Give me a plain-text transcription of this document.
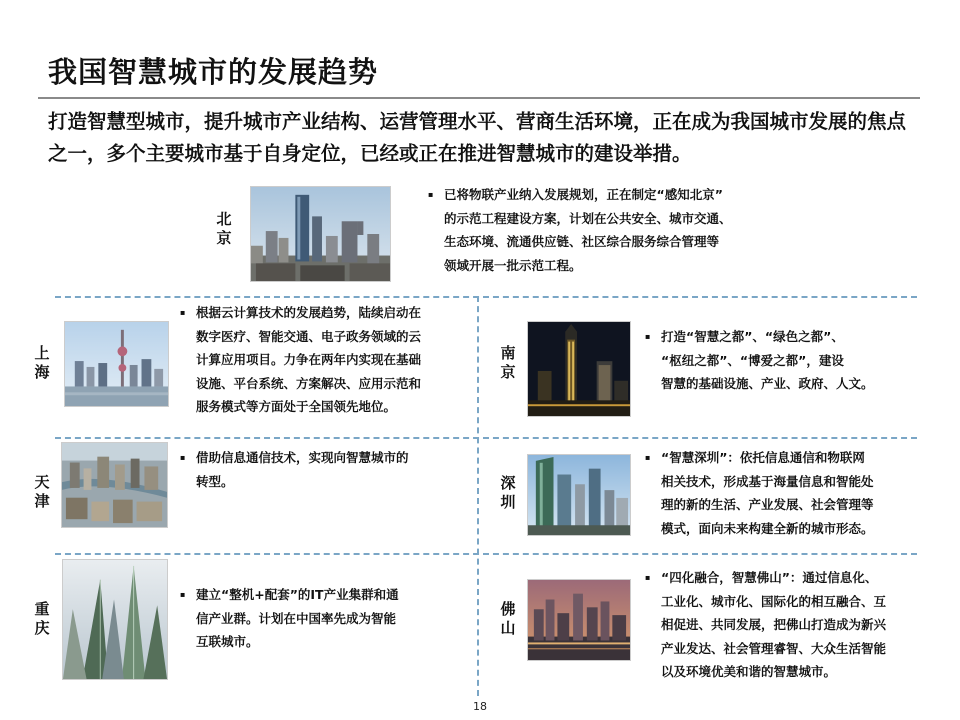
我国智慧城市的发展趋势
打造智慧型城市，提升城市产业结构、运营管理水平、营商生活环境，正在成为我国城市发展的焦点之一，多个主要城市基于自身定位，已经或正在推进智慧城市的建设举措。
北京
▪ 已将物联产业纳入发展规划，正在制定“感知北京”
的示范工程建设方案，计划在公共安全、城市交通、
生态环境、流通供应链、社区综合服务综合管理等
领域开展一批示范工程。
上海
▪ 根据云计算技术的发展趋势，陆续启动在
数字医疗、智能交通、电子政务领域的云
计算应用项目。力争在两年内实现在基础
设施、平台系统、方案解决、应用示范和
服务模式等方面处于全国领先地位。
南京
▪ 打造“智慧之都”、“绿色之都”、
“枢纽之都”、“博爱之都”，建设
智慧的基础设施、产业、政府、人文。
天津
▪ 借助信息通信技术，实现向智慧城市的
转型。	深圳
▪ “智慧深圳”：依托信息通信和物联网
相关技术，形成基于海量信息和智能处
理的新的生活、产业发展、社会管理等
模式，面向未来构建全新的城市形态。
重庆
▪ 建立“整机+配套”的IT产业集群和通
信产业群。计划在中国率先成为智能
互联城市。
佛山
▪ “四化融合，智慧佛山”：通过信息化、
工业化、城市化、国际化的相互融合、互
相促进、共同发展，把佛山打造成为新兴
产业发达、社会管理睿智、大众生活智能
以及环境优美和谐的智慧城市。
18
